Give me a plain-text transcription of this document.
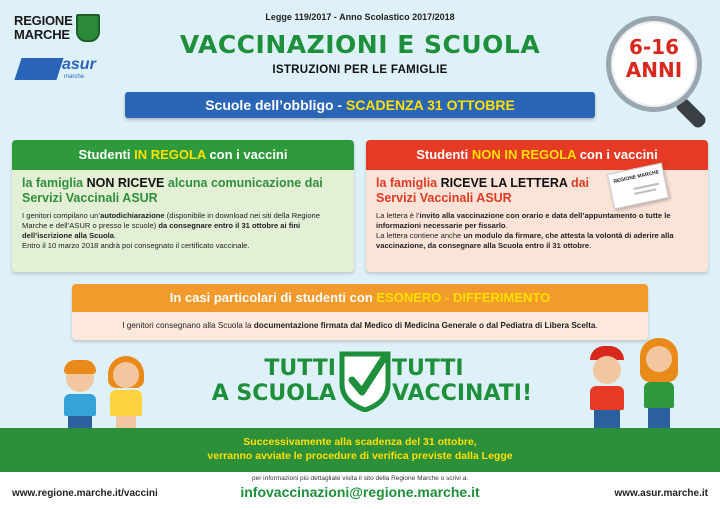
REGIONE
MARCHE
asur
marche
Legge 119/2017 - Anno Scolastico 2017/2018
VACCINAZIONI E SCUOLA
ISTRUZIONI PER LE FAMIGLIE
6-16
ANNI
Scuole dell’obbligo - SCADENZA 31 OTTOBRE
Studenti IN REGOLA con i vaccini
la famiglia NON RICEVE alcuna comunicazione dai Servizi Vaccinali ASUR
I genitori compilano un’autodichiarazione (disponibile in download nei siti della Regione Marche e dell’ASUR o presso le scuole) da consegnare entro il 31 ottobre ai fini dell’iscrizione alla Scuola.
Entro il 10 marzo 2018 andrà poi consegnato il certificato vaccinale.
Studenti NON IN REGOLA con i vaccini
la famiglia RICEVE LA LETTERA dai Servizi Vaccinali ASUR
La lettera è l’invito alla vaccinazione con orario e data dell’appuntamento o tutte le informazioni necessarie per fissarlo.
La lettera contiene anche un modulo da firmare, che attesta la volontà di aderire alla vaccinazione, da consegnare alla Scuola entro il 31 ottobre.
REGIONE MARCHE
In casi particolari di studenti con ESONERO - DIFFERIMENTO
I genitori consegnano alla Scuola la documentazione firmata dal Medico di Medicina Generale o dal Pediatra di Libera Scelta.
TUTTI
A SCUOLA
TUTTI
VACCINATI!
Successivamente alla scadenza del 31 ottobre,
verranno avviate le procedure di verifica previste dalla Legge
www.regione.marche.it/vaccini
per informazioni più dettagliate visita il sito della Regione Marche o scrivi a:
infovaccinazioni@regione.marche.it	www.asur.marche.it
